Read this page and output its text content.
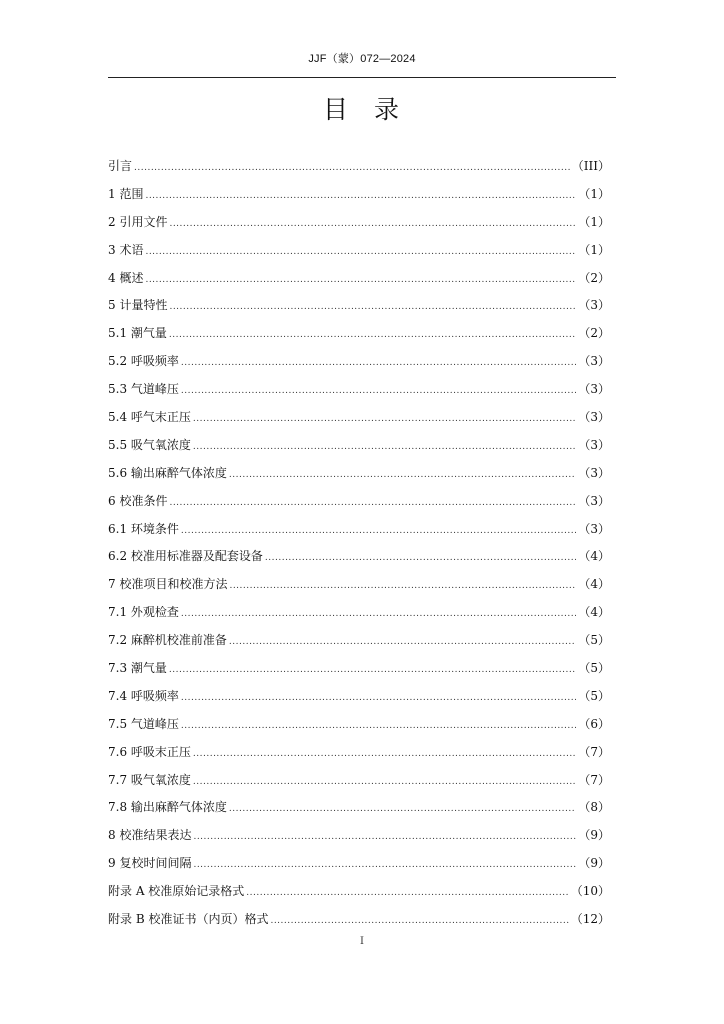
JJF（蒙）072—2024
目 录
引言 .....	（III）
1 范围 .....	（1）
2 引用文件 .....	（1）
3 术语 .....	（1）
4 概述 .....	（2）
5 计量特性 .....	（3）
5.1 潮气量 .....	（2）
5.2 呼吸频率 .....	（3）
5.3 气道峰压 .....	（3）
5.4 呼气末正压 .....	（3）
5.5 吸气氧浓度 .....	（3）
5.6 输出麻醉气体浓度 .....	（3）
6 校准条件 .....	（3）
6.1 环境条件 .....	（3）
6.2 校准用标准器及配套设备 .....	（4）
7 校准项目和校准方法 .....	（4）
7.1 外观检查 .....	（4）
7.2 麻醉机校准前准备 .....	（5）
7.3 潮气量 .....	（5）
7.4 呼吸频率 .....	（5）
7.5 气道峰压 .....	（6）
7.6 呼吸末正压 .....	（7）
7.7 吸气氧浓度 .....	（7）
7.8 输出麻醉气体浓度 .....	（8）
8 校准结果表达 .....	（9）
9 复校时间间隔 .....	（9）
附录 A 校准原始记录格式 .....	（10）
附录 B 校准证书（内页）格式 .....	（12）
I
